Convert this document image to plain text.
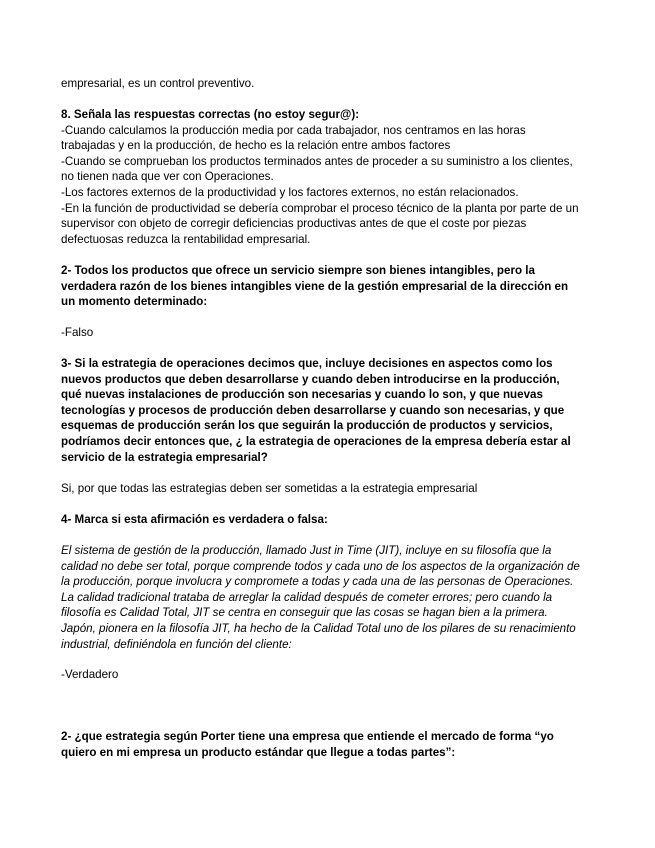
empresarial, es un control preventivo.

8. Señala las respuestas correctas (no estoy segur@):

-Cuando calculamos la producción media por cada trabajador, nos centramos en las horas

trabajadas y en la producción, de hecho es la relación entre ambos factores

-Cuando se comprueban los productos terminados antes de proceder a su suministro a los clientes,

no tienen nada que ver con Operaciones.

-Los factores externos de la productividad y los factores externos, no están relacionados.

-En la función de productividad se debería comprobar el proceso técnico de la planta por parte de un

supervisor con objeto de corregir deficiencias productivas antes de que el coste por piezas

defectuosas reduzca la rentabilidad empresarial.

2- Todos los productos que ofrece un servicio siempre son bienes intangibles, pero la

verdadera razón de los bienes intangibles viene de la gestión empresarial de la dirección en

un momento determinado:

-Falso

3- Si la estrategia de operaciones decimos que, incluye decisiones en aspectos como los

nuevos productos que deben desarrollarse y cuando deben introducirse en la producción,

qué nuevas instalaciones de producción son necesarias y cuando lo son, y que nuevas

tecnologías y procesos de producción deben desarrollarse y cuando son necesarias, y que

esquemas de producción serán los que seguirán la producción de productos y servicios,

podríamos decir entonces que, ¿ la estrategia de operaciones de la empresa debería estar al

servicio de la estrategia empresarial?

Si, por que todas las estrategias deben ser sometidas a la estrategia empresarial

4- Marca si esta afirmación es verdadera o falsa:

El sistema de gestión de la producción, llamado Just in Time (JIT), incluye en su filosofía que la

calidad no debe ser total, porque comprende todos y cada uno de los aspectos de la organización de

la producción, porque involucra y compromete a todas y cada una de las personas de Operaciones.

La calidad tradicional trataba de arreglar la calidad después de cometer errores; pero cuando la

filosofía es Calidad Total, JIT se centra en conseguir que las cosas se hagan bien a la primera.

Japón, pionera en la filosofía JIT, ha hecho de la Calidad Total uno de los pilares de su renacimiento

industrial, definiéndola en función del cliente:

-Verdadero

2- ¿que estrategia según Porter tiene una empresa que entiende el mercado de forma “yo

quiero en mi empresa un producto estándar que llegue a todas partes”:
